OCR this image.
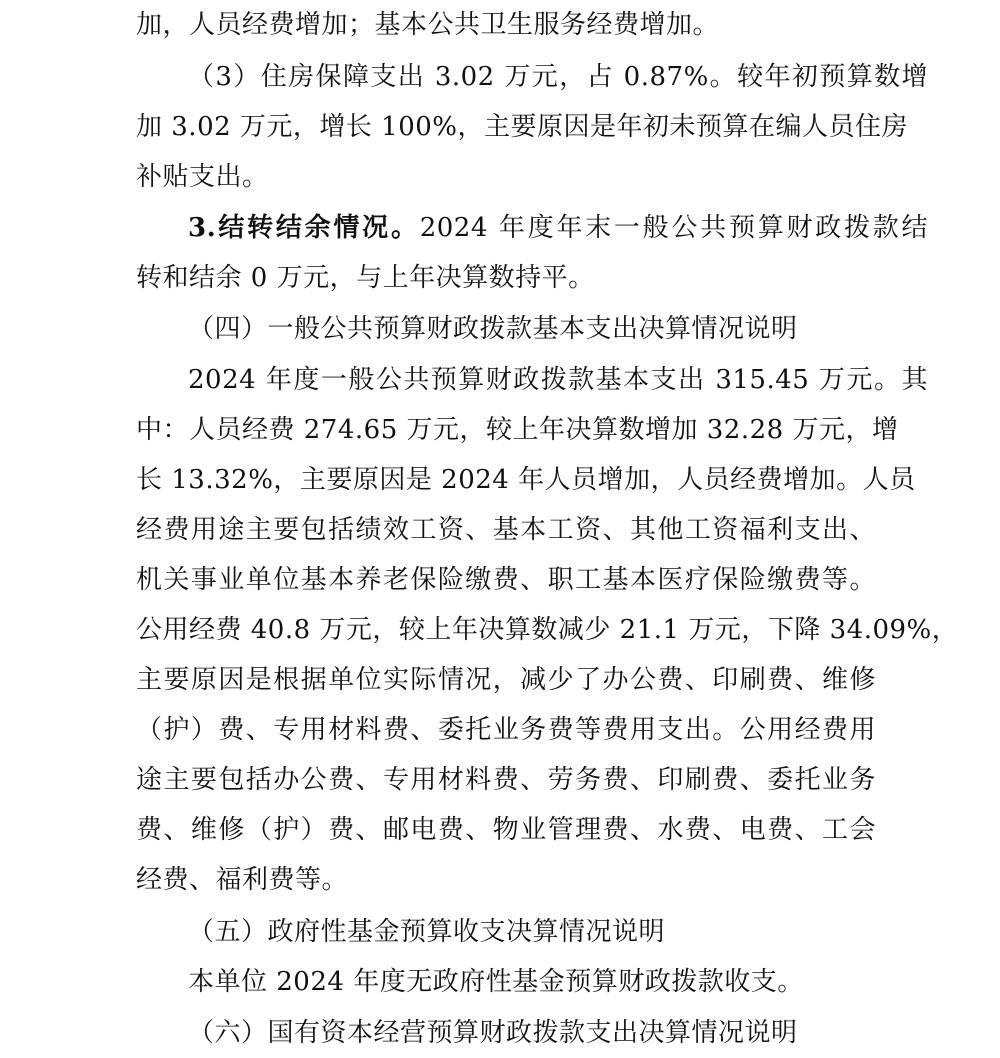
加，人员经费增加；基本公共卫生服务经费增加。
（3）住房保障支出 3.02 万元，占 0.87%。较年初预算数增
加 3.02 万元，增长 100%，主要原因是年初未预算在编人员住房
补贴支出。
3.结转结余情况。2024 年度年末一般公共预算财政拨款结
转和结余 0 万元，与上年决算数持平。
（四）一般公共预算财政拨款基本支出决算情况说明
2024 年度一般公共预算财政拨款基本支出 315.45 万元。其
中：人员经费 274.65 万元，较上年决算数增加 32.28 万元，增
长 13.32%，主要原因是 2024 年人员增加，人员经费增加。人员
经费用途主要包括绩效工资、基本工资、其他工资福利支出、
机关事业单位基本养老保险缴费、职工基本医疗保险缴费等。
公用经费 40.8 万元，较上年决算数减少 21.1 万元，下降 34.09%，
主要原因是根据单位实际情况，减少了办公费、印刷费、维修
（护）费、专用材料费、委托业务费等费用支出。公用经费用
途主要包括办公费、专用材料费、劳务费、印刷费、委托业务
费、维修（护）费、邮电费、物业管理费、水费、电费、工会
经费、福利费等。
（五）政府性基金预算收支决算情况说明
本单位 2024 年度无政府性基金预算财政拨款收支。
（六）国有资本经营预算财政拨款支出决算情况说明
